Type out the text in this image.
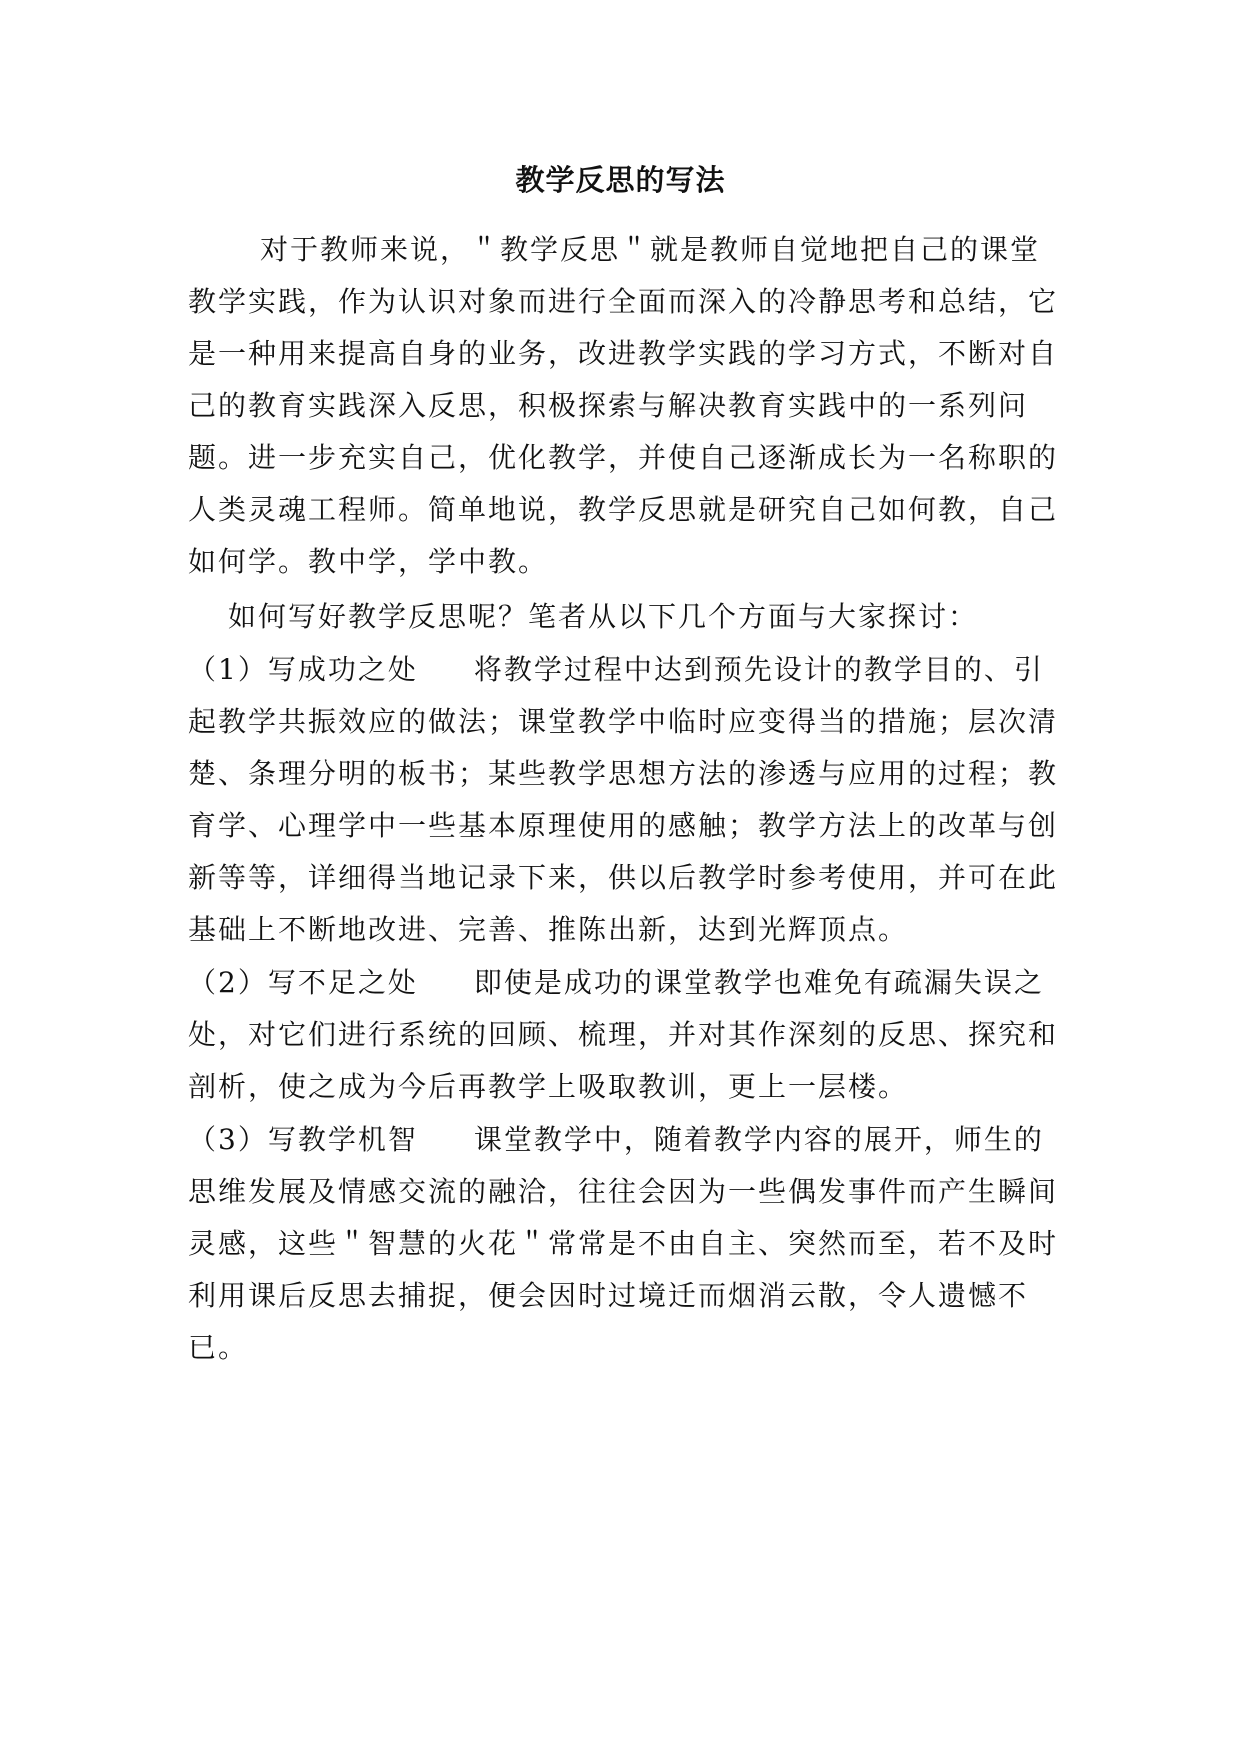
教学反思的写法

对于教师来说，＂教学反思＂就是教师自觉地把自己的课堂教学实践，作为认识对象而进行全面而深入的冷静思考和总结，它是一种用来提高自身的业务，改进教学实践的学习方式，不断对自己的教育实践深入反思，积极探索与解决教育实践中的一系列问题。进一步充实自己，优化教学，并使自己逐渐成长为一名称职的人类灵魂工程师。简单地说，教学反思就是研究自己如何教，自己如何学。教中学，学中教。

如何写好教学反思呢？笔者从以下几个方面与大家探讨：

（1）写成功之处 将教学过程中达到预先设计的教学目的、引起教学共振效应的做法；课堂教学中临时应变得当的措施；层次清楚、条理分明的板书；某些教学思想方法的渗透与应用的过程；教育学、心理学中一些基本原理使用的感触；教学方法上的改革与创新等等，详细得当地记录下来，供以后教学时参考使用，并可在此基础上不断地改进、完善、推陈出新，达到光辉顶点。

（2）写不足之处 即使是成功的课堂教学也难免有疏漏失误之处，对它们进行系统的回顾、梳理，并对其作深刻的反思、探究和剖析，使之成为今后再教学上吸取教训，更上一层楼。

（3）写教学机智 课堂教学中，随着教学内容的展开，师生的思维发展及情感交流的融洽，往往会因为一些偶发事件而产生瞬间灵感，这些＂智慧的火花＂常常是不由自主、突然而至，若不及时利用课后反思去捕捉，便会因时过境迁而烟消云散，令人遗憾不已。
